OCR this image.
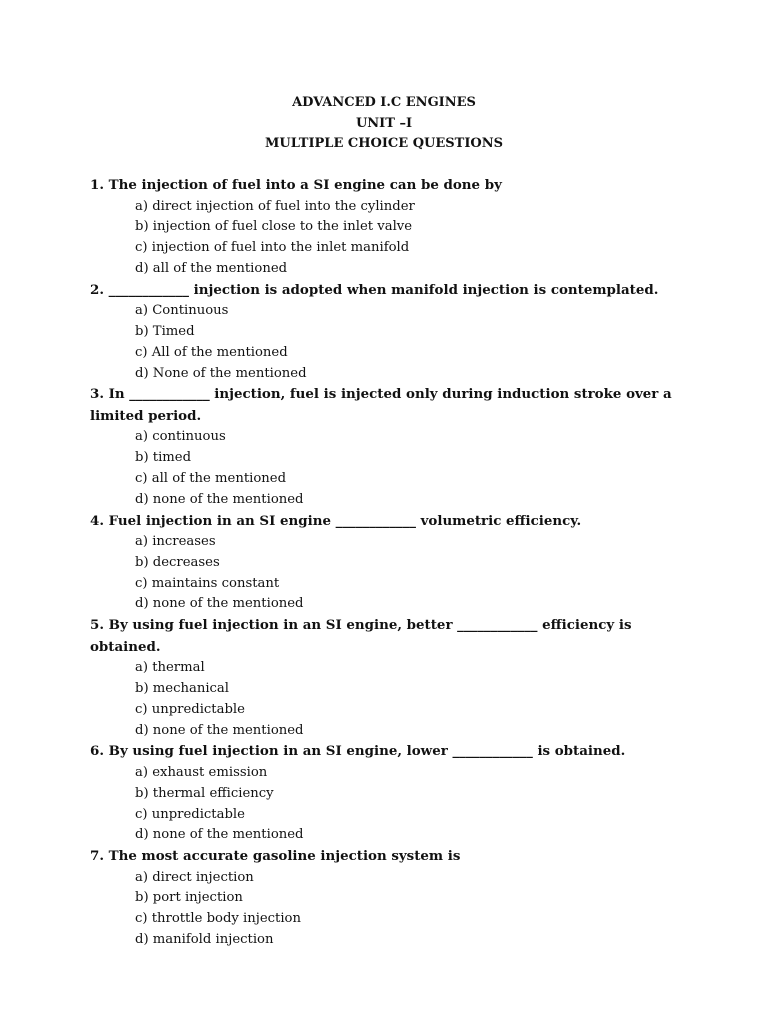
ADVANCED I.C ENGINES
UNIT –I
MULTIPLE CHOICE QUESTIONS

1. The injection of fuel into a SI engine can be done by

a) direct injection of fuel into the cylinder
b) injection of fuel close to the inlet valve
c) injection of fuel into the inlet manifold
d) all of the mentioned

2. ____________ injection is adopted when manifold injection is contemplated.

a) Continuous
b) Timed
c) All of the mentioned
d) None of the mentioned

3. In ____________ injection, fuel is injected only during induction stroke over a limited period.

a) continuous
b) timed
c) all of the mentioned
d) none of the mentioned

4. Fuel injection in an SI engine ____________ volumetric efficiency.

a) increases
b) decreases
c) maintains constant
d) none of the mentioned

5. By using fuel injection in an SI engine, better ____________ efficiency is obtained.

a) thermal
b) mechanical
c) unpredictable
d) none of the mentioned

6. By using fuel injection in an SI engine, lower ____________ is obtained.

a) exhaust emission
b) thermal efficiency
c) unpredictable
d) none of the mentioned

7. The most accurate gasoline injection system is

a) direct injection
b) port injection
c) throttle body injection
d) manifold injection
